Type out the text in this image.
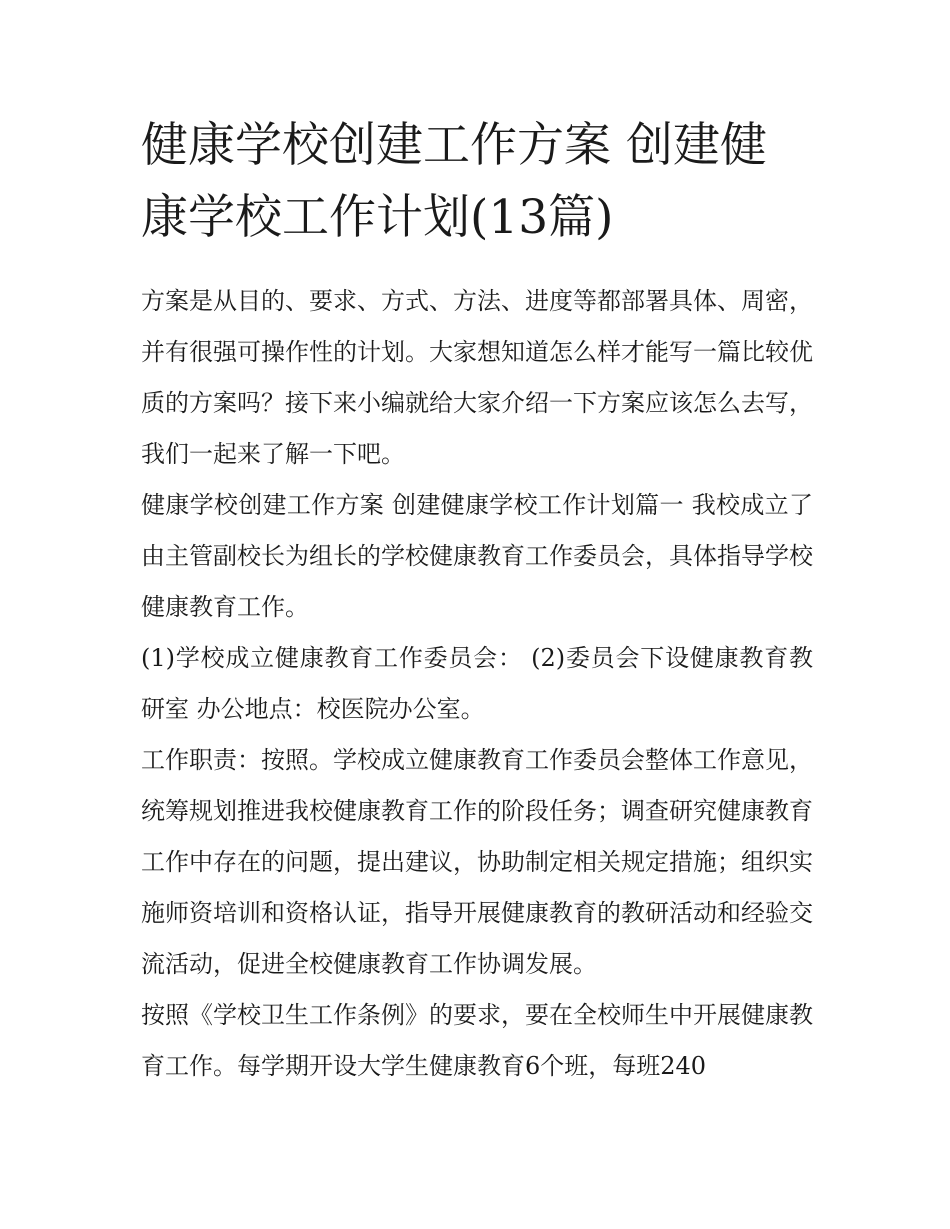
健康学校创建工作方案 创建健康学校工作计划(13篇)

方案是从目的、要求、方式、方法、进度等都部署具体、周密，并有很强可操作性的计划。大家想知道怎么样才能写一篇比较优质的方案吗？接下来小编就给大家介绍一下方案应该怎么去写，我们一起来了解一下吧。

健康学校创建工作方案 创建健康学校工作计划篇一 我校成立了由主管副校长为组长的学校健康教育工作委员会，具体指导学校健康教育工作。

(1)学校成立健康教育工作委员会： (2)委员会下设健康教育教研室 办公地点：校医院办公室。

工作职责：按照。学校成立健康教育工作委员会整体工作意见，统筹规划推进我校健康教育工作的阶段任务；调查研究健康教育工作中存在的问题，提出建议，协助制定相关规定措施；组织实施师资培训和资格认证，指导开展健康教育的教研活动和经验交流活动，促进全校健康教育工作协调发展。

按照《学校卫生工作条例》的要求，要在全校师生中开展健康教育工作。每学期开设大学生健康教育6个班，每班240
